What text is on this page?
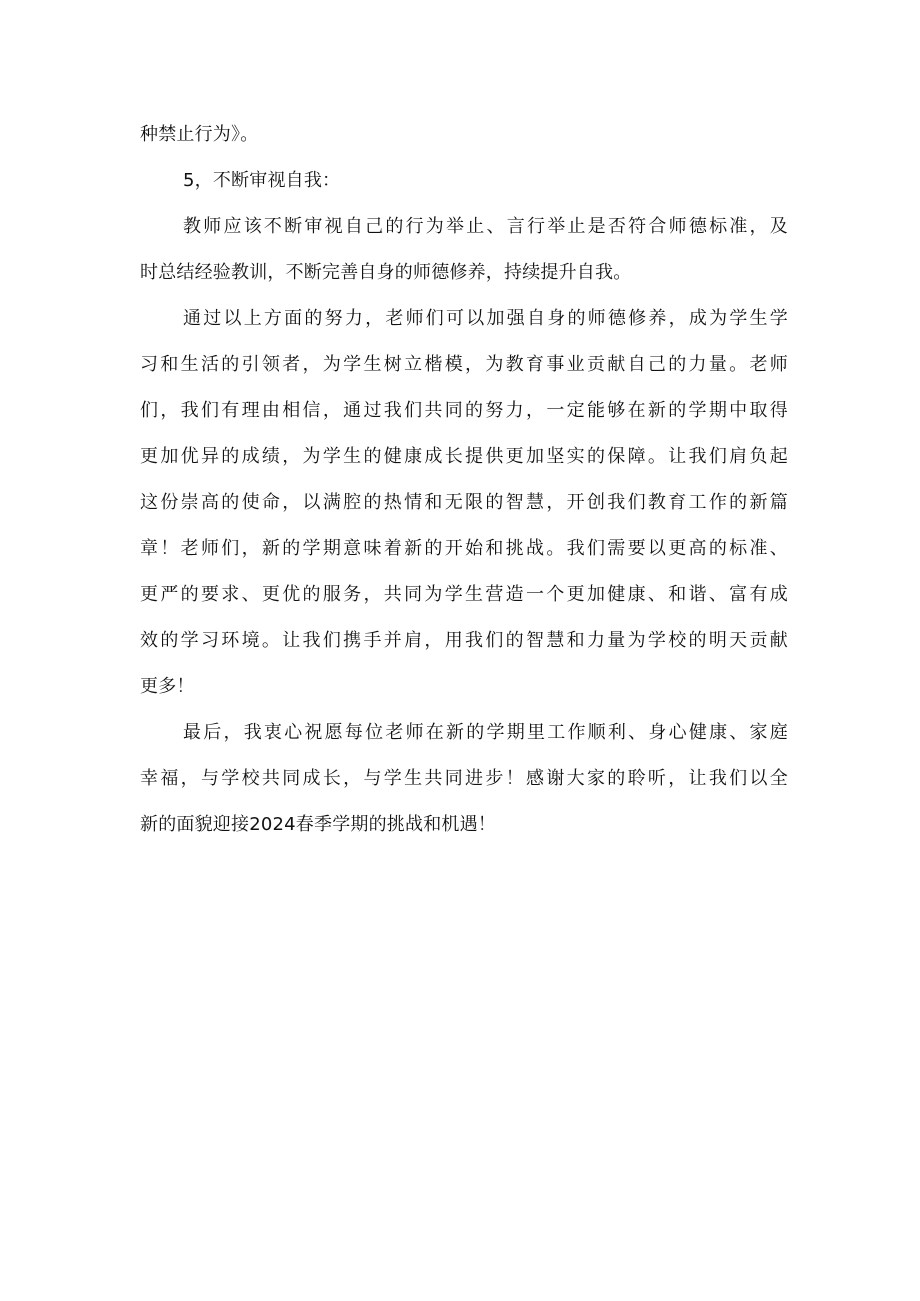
种禁止行为》。
5，不断审视自我：
教师应该不断审视自己的行为举止、言行举止是否符合师德标准，及
时总结经验教训，不断完善自身的师德修养，持续提升自我。
通过以上方面的努力，老师们可以加强自身的师德修养，成为学生学
习和生活的引领者，为学生树立楷模，为教育事业贡献自己的力量。老师
们，我们有理由相信，通过我们共同的努力，一定能够在新的学期中取得
更加优异的成绩，为学生的健康成长提供更加坚实的保障。让我们肩负起
这份崇高的使命，以满腔的热情和无限的智慧，开创我们教育工作的新篇
章！老师们，新的学期意味着新的开始和挑战。我们需要以更高的标准、
更严的要求、更优的服务，共同为学生营造一个更加健康、和谐、富有成
效的学习环境。让我们携手并肩，用我们的智慧和力量为学校的明天贡献
更多！
最后，我衷心祝愿每位老师在新的学期里工作顺利、身心健康、家庭
幸福，与学校共同成长，与学生共同进步！感谢大家的聆听，让我们以全
新的面貌迎接2024春季学期的挑战和机遇！
